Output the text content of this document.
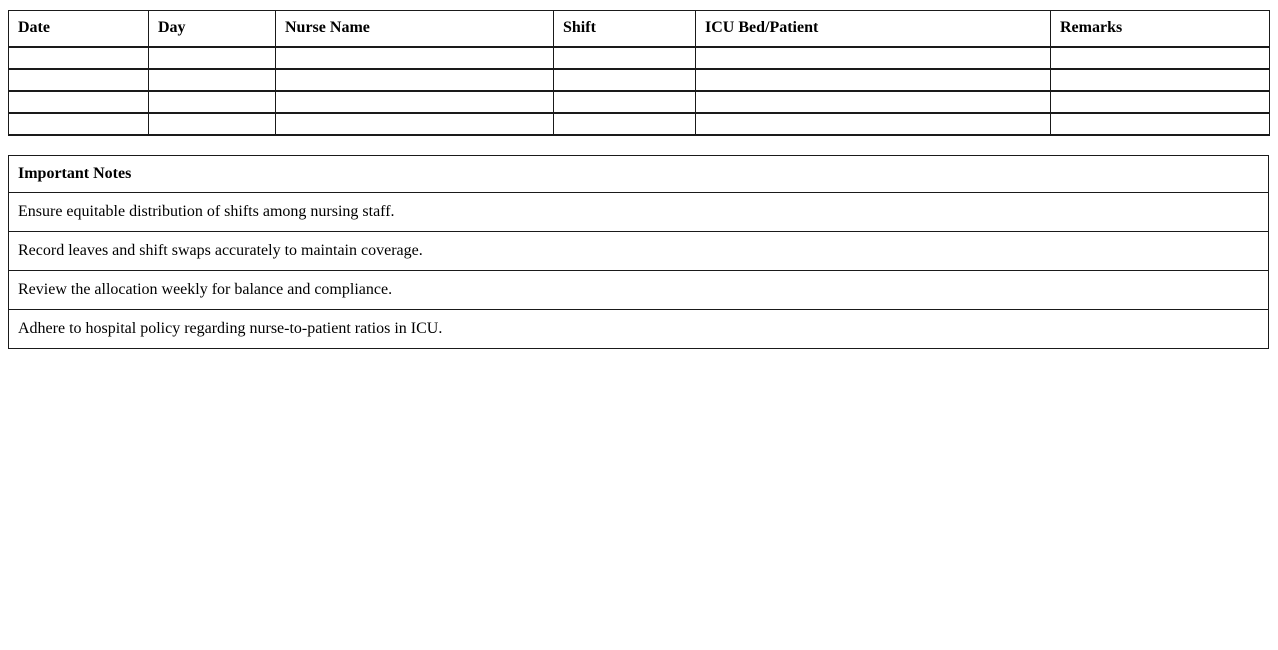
Date	Day	Nurse Name	Shift	ICU Bed/Patient	Remarks

Important Notes
Ensure equitable distribution of shifts among nursing staff.
Record leaves and shift swaps accurately to maintain coverage.
Review the allocation weekly for balance and compliance.
Adhere to hospital policy regarding nurse-to-patient ratios in ICU.
